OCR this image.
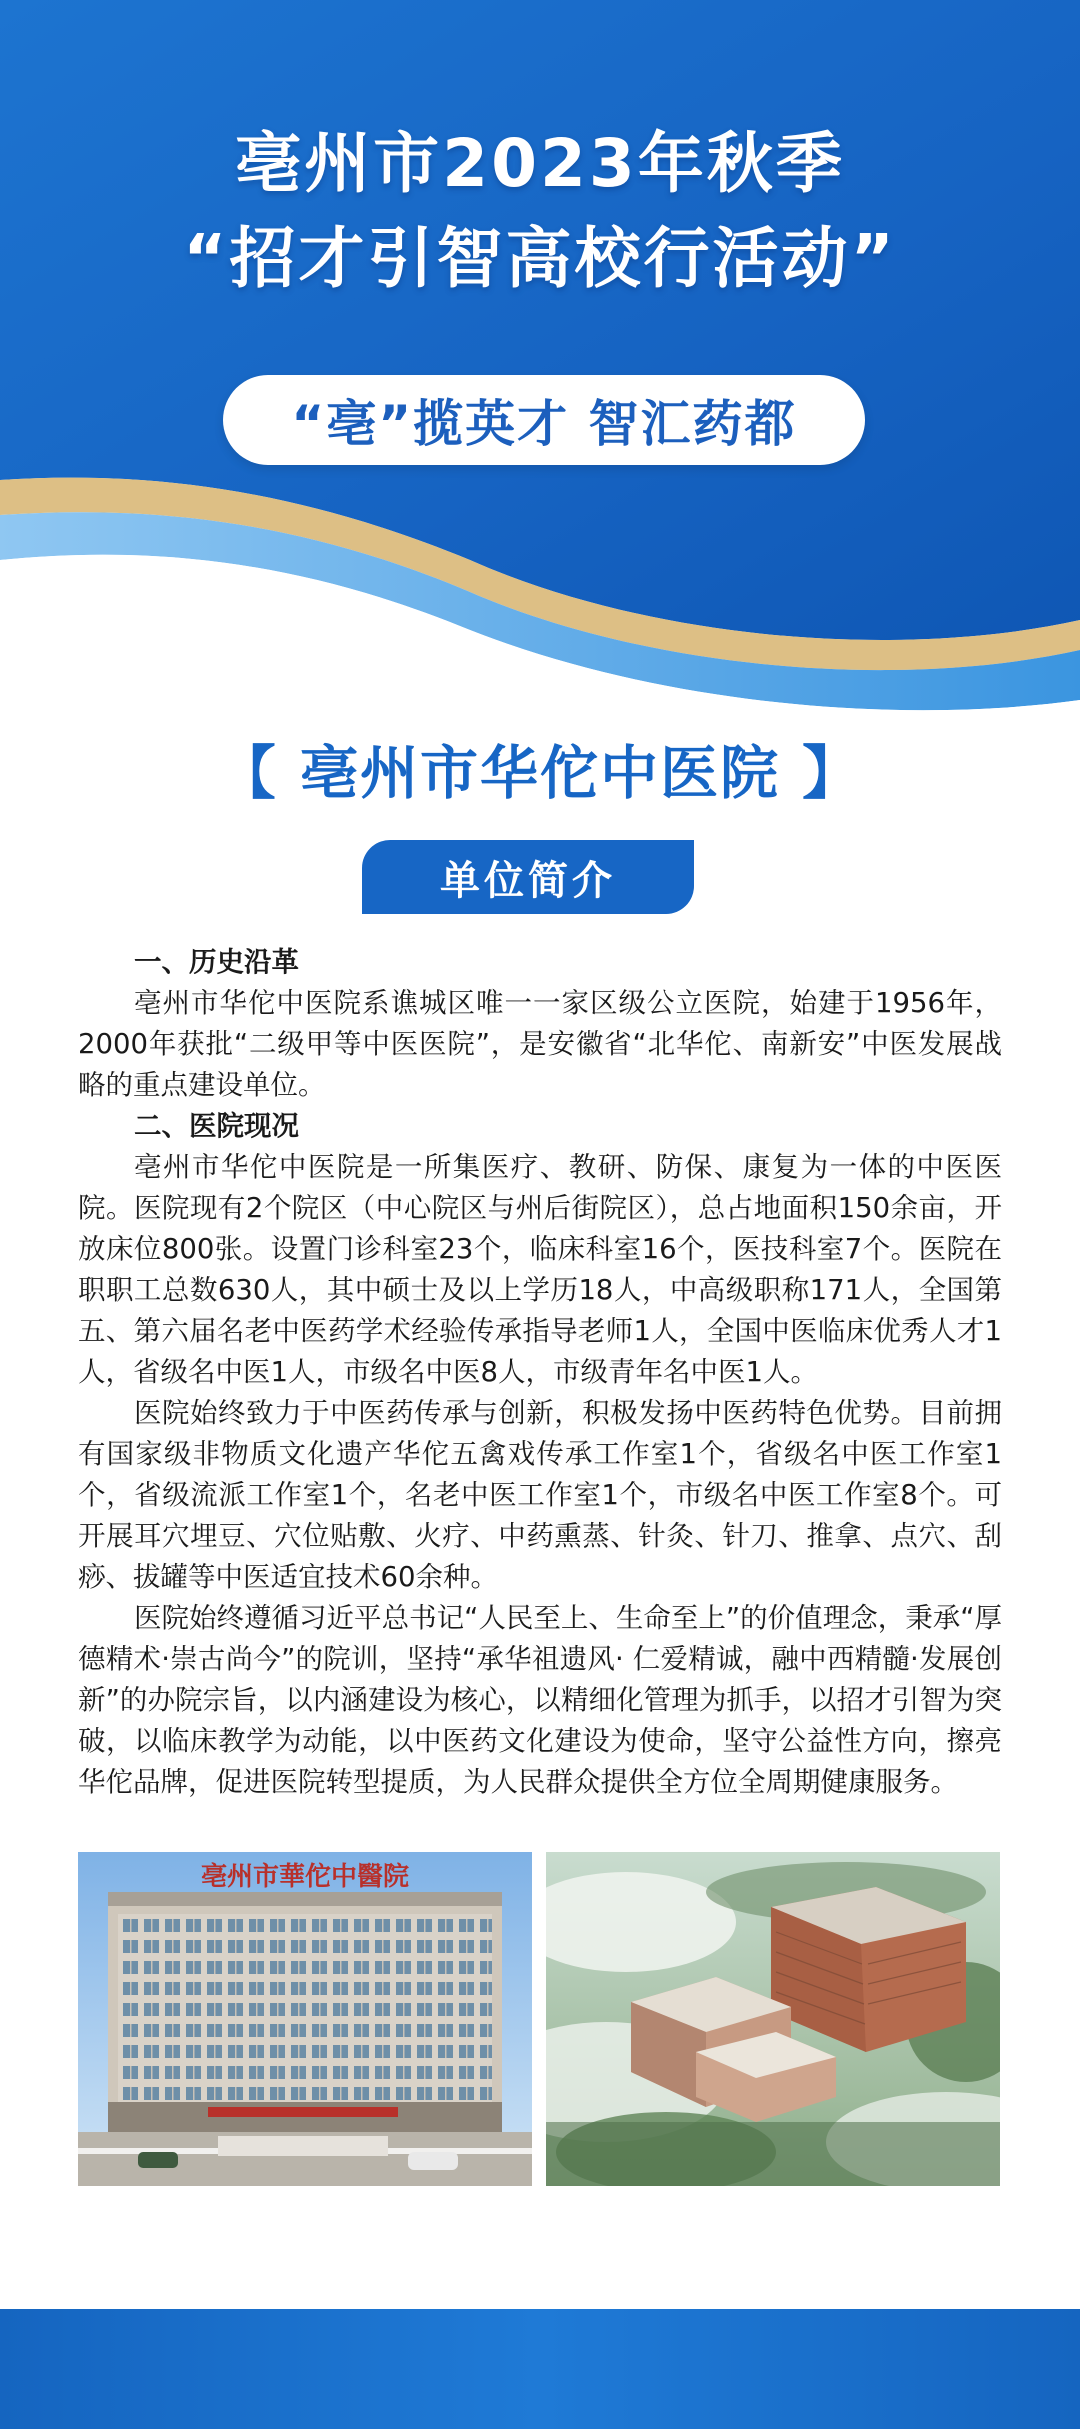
亳州市2023年秋季
“招才引智高校行活动”
“亳”揽英才 智汇药都
【 亳州市华佗中医院 】
单位简介
一、历史沿革

亳州市华佗中医院系谯城区唯一一家区级公立医院，始建于1956年，2000年获批“二级甲等中医医院”，是安徽省“北华佗、南新安”中医发展战略的重点建设单位。

二、医院现况

亳州市华佗中医院是一所集医疗、教研、防保、康复为一体的中医医院。医院现有2个院区（中心院区与州后街院区），总占地面积150余亩，开放床位800张。设置门诊科室23个，临床科室16个，医技科室7个。医院在职职工总数630人，其中硕士及以上学历18人，中高级职称171人，全国第五、第六届名老中医药学术经验传承指导老师1人，全国中医临床优秀人才1人，省级名中医1人，市级名中医8人，市级青年名中医1人。

医院始终致力于中医药传承与创新，积极发扬中医药特色优势。目前拥有国家级非物质文化遗产华佗五禽戏传承工作室1个，省级名中医工作室1个，省级流派工作室1个，名老中医工作室1个，市级名中医工作室8个。可开展耳穴埋豆、穴位贴敷、火疗、中药熏蒸、针灸、针刀、推拿、点穴、刮痧、拔罐等中医适宜技术60余种。

医院始终遵循习近平总书记“人民至上、生命至上”的价值理念，秉承“厚德精术·崇古尚今”的院训，坚持“承华祖遗风· 仁爱精诚，融中西精髓·发展创新”的办院宗旨，以内涵建设为核心，以精细化管理为抓手，以招才引智为突破，以临床教学为动能，以中医药文化建设为使命，坚守公益性方向，擦亮华佗品牌，促进医院转型提质，为人民群众提供全方位全周期健康服务。

亳州市華佗中醫院
